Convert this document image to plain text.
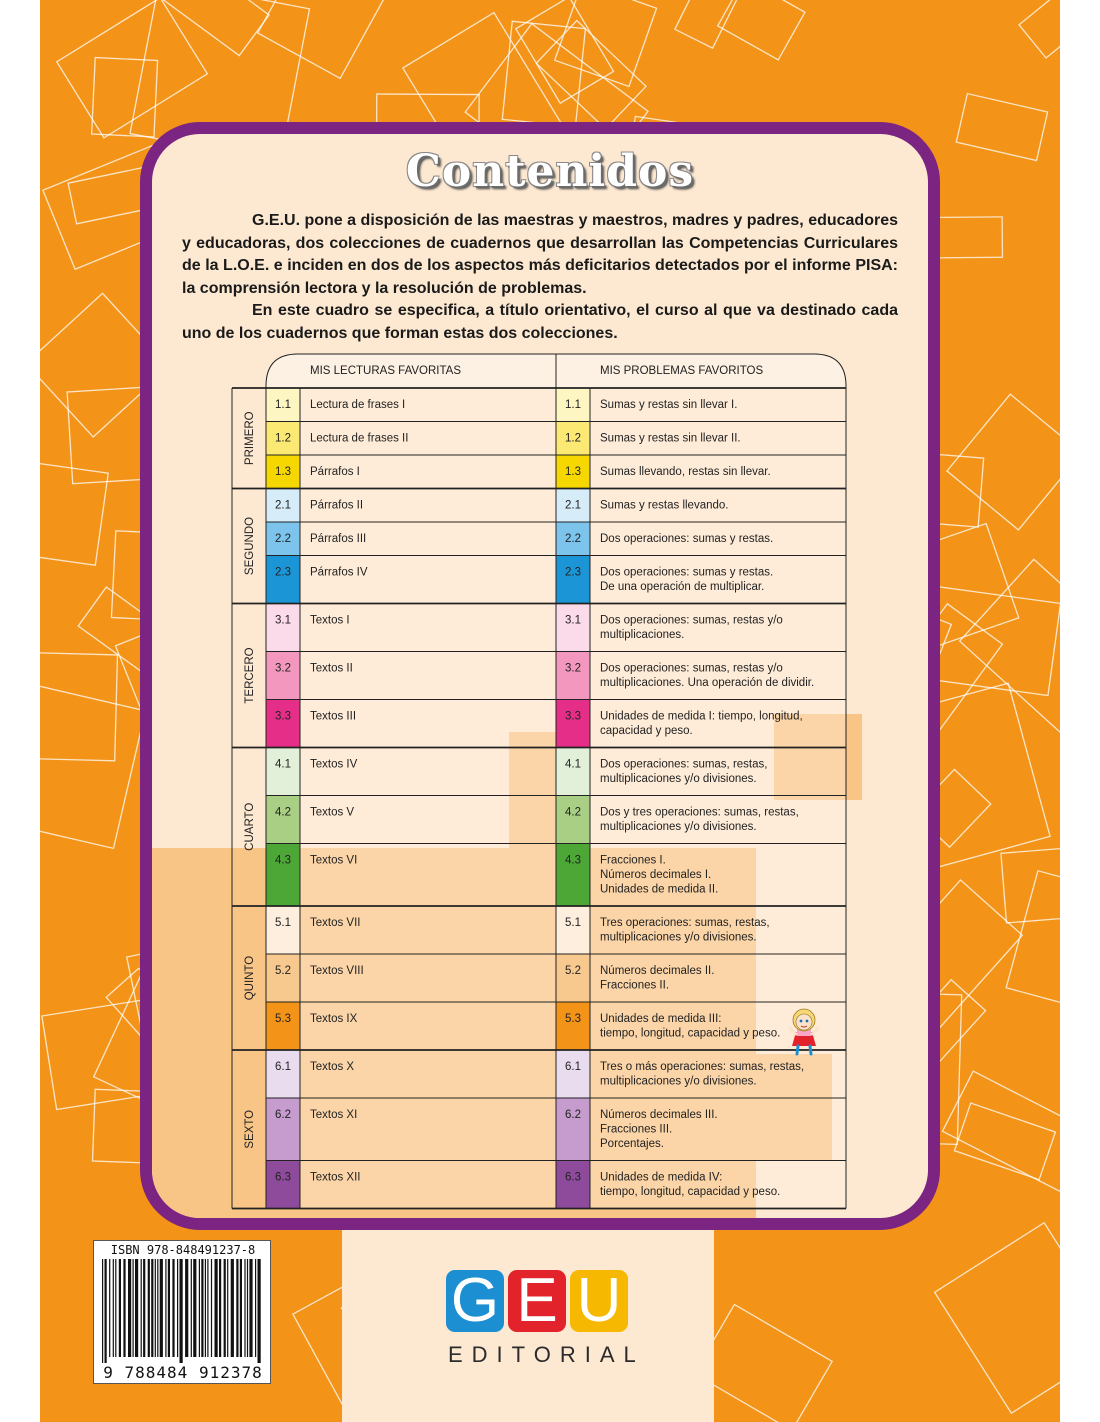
Contenidos

G.E.U. pone a disposición de las maestras y maestros, madres y padres, educadores y educadoras, dos colecciones de cuadernos que desarrollan las Competencias Curriculares de la L.O.E. e inciden en dos de los aspectos más deficitarios detectados por el informe PISA: la comprensión lectora y la resolución de problemas.

En este cuadro se especifica, a título orientativo, el curso al que va destinado cada uno de los cuadernos que forman estas dos colecciones.

MIS LECTURAS FAVORITAS	MIS PROBLEMAS FAVORITOS
1.1 Lectura de frases I	1.1 Sumas y restas sin llevar I.
1.2 Lectura de frases II	1.2 Sumas y restas sin llevar II.
1.3 Párrafos I	1.3 Sumas llevando, restas sin llevar.
2.1 Párrafos II	2.1 Sumas y restas llevando.
2.2 Párrafos III	2.2 Dos operaciones: sumas y restas.
2.3 Párrafos IV	2.3 Dos operaciones: sumas y restas.
De una operación de multiplicar.
3.1 Textos I	3.1 Dos operaciones: sumas, restas y/o
multiplicaciones.
3.2 Textos II	3.2 Dos operaciones: sumas, restas y/o
multiplicaciones. Una operación de dividir.
3.3 Textos III	3.3 Unidades de medida I: tiempo, longitud,
capacidad y peso.
4.1 Textos IV	4.1 Dos operaciones: sumas, restas,
multiplicaciones y/o divisiones.
4.2 Textos V	4.2 Dos y tres operaciones: sumas, restas,
multiplicaciones y/o divisiones.
4.3 Textos VI	4.3 Fracciones I.
Números decimales I.
Unidades de medida II.
5.1 Textos VII	5.1 Tres operaciones: sumas, restas,
multiplicaciones y/o divisiones.
5.2 Textos VIII	5.2 Números decimales II.
Fracciones II.
5.3 Textos IX	5.3 Unidades de medida III:
tiempo, longitud, capacidad y peso.
6.1 Textos X	6.1 Tres o más operaciones: sumas, restas,
multiplicaciones y/o divisiones.
6.2 Textos XI	6.2 Números decimales III.
Fracciones III.
Porcentajes.
6.3 Textos XII	6.3 Unidades de medida IV:
tiempo, longitud, capacidad y peso.
PRIMERO
SEGUNDO
TERCERO
CUARTO
QUINTO
SEXTO
ISBN 978-848491237-8
9 788484 912378
G E U
EDITORIAL
